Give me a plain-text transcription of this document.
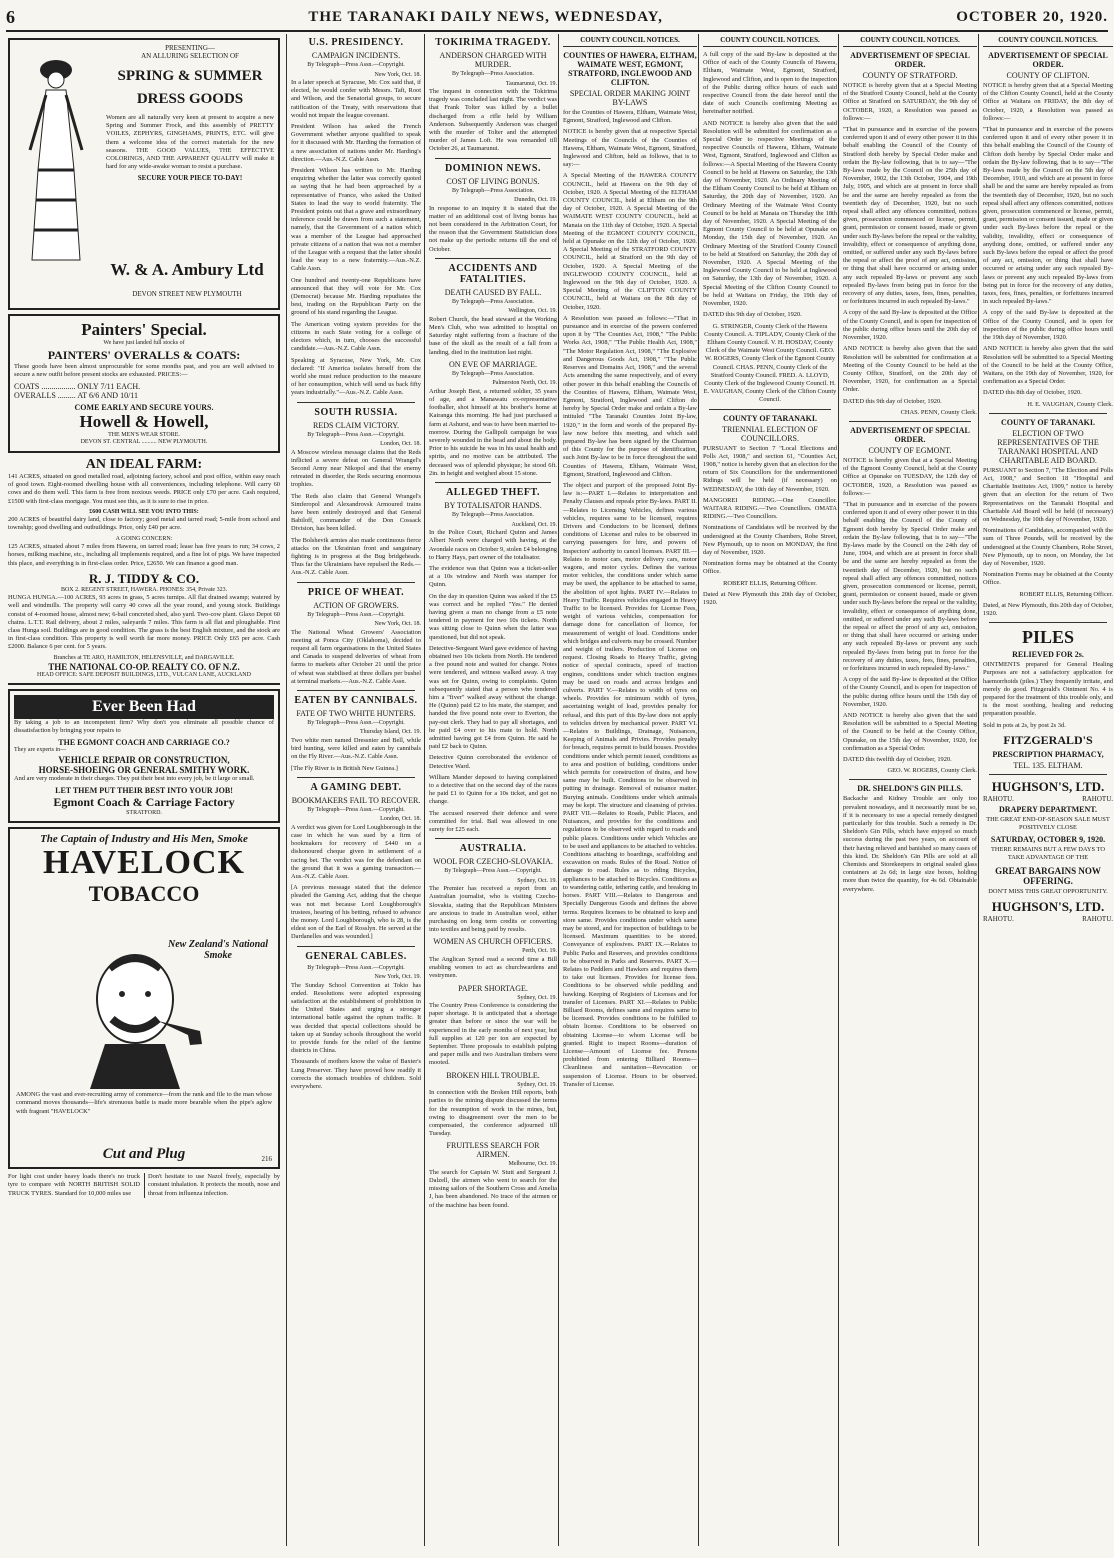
6	THE TARANAKI DAILY NEWS, WEDNESDAY,	OCTOBER 20, 1920.
PRESENTING—
AN ALLURING SELECTION OF
SPRING & SUMMER
DRESS GOODS
Women are all naturally very keen at present to acquire a new Spring and Summer Frock, and this assembly of PRETTY VOILES, ZEPHYRS, GINGHAMS, PRINTS, ETC. will give them a welcome idea of the correct materials for the new seasons. THE GOOD VALUES, THE EFFECTIVE COLORINGS, AND THE APPARENT QUALITY will make it hard for any wide-awake woman to resist a purchase.
SECURE YOUR PIECE TO-DAY!
W. & A. Ambury Ltd
DEVON STREET NEW PLYMOUTH
Painters' Special.
We have just landed full stocks of
PAINTERS' OVERALLS & COATS:
These goods have been almost unprocurable for some months past, and you are well advised to secure a new outfit before present stocks are exhausted. PRICES:—
COATS ................. ONLY 7/11 EACH.
OVERALLS ......... AT 6/6 AND 10/11
COME EARLY AND SECURE YOURS.
Howell & Howell,
THE MEN'S WEAR STORE.
DEVON ST. CENTRAL .......... NEW PLYMOUTH.
AN IDEAL FARM:
141 ACRES, situated on good metalled road, adjoining factory, school and post office, within easy reach of good town. Eight-roomed dwelling house with all conveniences, including telephone. Will carry 60 cows and do them well. This farm is free from noxious weeds. PRICE only £70 per acre. Cash required, £1500 with first-class mortgage. You must see this, as it is sure to rise in price.
£600 CASH WILL SEE YOU INTO THIS:
200 ACRES of beautiful dairy land, close to factory; good metal and tarred road; 5-mile from school and township; good dwelling and outbuildings. Price, only £40 per acre.
A GOING CONCERN:
125 ACRES, situated about 7 miles from Hawera, on tarred road; lease has five years to run; 34 cows, 2 horses, milking machine, etc., including all implements required, and a fine lot of pigs. We have inspected this place, and everything is in first-class order. Price, £2650. We can finance a good man.
R. J. TIDDY & CO.
BOX 2. REGENT STREET, HAWERA. PHONES: 354, Private 323.
HUNGA HUNGA.—100 ACRES, 93 acres in grass, 5 acres turnips. All flat drained swamp; watered by well and windmills. The property will carry 40 cows all the year round, and young stock. Buildings consist of 4-roomed house, almost new; 6-bail concreted shed, also yard. Two-cow plant. Glaxo Depot 60 chains. L.T.T. Rail delivery, about 2 miles, saleyards 7 miles. This farm is all flat and ploughable. First class Hunga soil. Buildings are in good condition. The grass is the best English mixture, and the stock are in first-class condition. This property is well worth far more money. PRICE Only £65 per acre. Cash £2000. Balance 6 per cent. for 5 years.
Branches at TE ARO, HAMILTON, HELENSVILLE, and DARGAVILLE.
THE NATIONAL CO-OP. REALTY CO. OF N.Z.
HEAD OFFICE: SAFE DEPOSIT BUILDINGS, LTD., VULCAN LANE, AUCKLAND
Ever Been Had
By taking a job to an incompetent firm? Why don't you eliminate all possible chance of dissatisfaction by bringing your repairs to
THE EGMONT COACH AND CARRIAGE CO.?
They are experts in—
VEHICLE REPAIR OR CONSTRUCTION,
HORSE-SHOEING OR GENERAL SMITHY WORK.
And are very moderate in their charges. They put their best into every job, be it large or small.
LET THEM PUT THEIR BEST INTO YOUR JOB!
Egmont Coach & Carriage Factory
STRATFORD.
The Captain of Industry and His Men, Smoke
HAVELOCK
TOBACCO
New Zealand's National Smoke
AMONG the vast and ever-recruiting army of commerce—from the rank and file to the man whose command moves thousands—life's strenuous battle is made more bearable when the pipe's aglow with fragrant "HAVELOCK"
Cut and Plug	216
For light cost under heavy loads there's no truck tyre to compare with NORTH BRITISH SOLID TRUCK TYRES. Standard for 10,000 miles use
Don't hesitate to use Nazol freely, especially by constant inhalation. It protects the mouth, nose and throat from influenza infection.
U.S. PRESIDENCY.
CAMPAIGN INCIDENTS.
By Telegraph—Press Assn.—Copyright.
New York, Oct. 18.
In a later speech at Syracuse, Mr. Cox said that, if elected, he would confer with Messrs. Taft, Root and Wilson, and the Senatorial groups, to secure ratification of the Treaty, with reservations that would not impair the league covenant.
President Wilson has asked the French Government whether anyone qualified to speak for it discussed with Mr. Harding the formation of a new association of nations under Mr. Harding's direction.—Aus.-N.Z. Cable Assn.
President Wilson has written to Mr. Harding enquiring whether the latter was correctly quoted as saying that he had been approached by a representative of France, who asked the United States to lead the way to world fraternity. The President points out that a grave and extraordinary inference could be drawn from such a statement, namely, that the Government of a nation which was a member of the League had approached private citizens of a nation that was not a member of the League with a request that the latter should lead the way to a new fraternity.—Aus.-N.Z. Cable Assn.
One hundred and twenty-one Republicans have announced that they will vote for Mr. Cox (Democrat) because Mr. Harding repudiates the best, trading on the Republican Party on the ground of his stand regarding the League.
The American voting system provides for the citizens in each State voting for a college of electors which, in turn, chooses the successful candidate.—Aus.-N.Z. Cable Assn.
Speaking at Syracuse, New York, Mr. Cox declared: "If America isolates herself from the world she must reduce production to the measure of her consumption, which will send us back fifty years industrially."—Aus.-N.Z. Cable Assn.
SOUTH RUSSIA.
REDS CLAIM VICTORY.
By Telegraph—Press Assn.—Copyright.
London, Oct. 18.
A Moscow wireless message claims that the Reds inflicted a severe defeat on General Wrangel's Second Army near Nikopol and that the enemy retreated in disorder, the Reds securing enormous trophies.
The Reds also claim that General Wrangel's Simferopol and Alexandrovsk Armoured trains have been entirely destroyed and that General Babiloff, commander of the Don Cossack Division, has been killed.
The Bolshevik armies also made continuous fierce attacks on the Ukrainian front and sanguinary fighting is in progress at the Bug bridgeheads. Thus far the Ukrainians have repulsed the Reds.—Aus.-N.Z. Cable Assn.
PRICE OF WHEAT.
ACTION OF GROWERS.
By Telegraph—Press Assn.—Copyright.
New York, Oct. 18.
The National Wheat Growers' Association meeting at Ponca City (Oklahoma), decided to request all farm organisations in the United States and Canada to suspend deliveries of wheat from farms to markets after October 21 until the price of wheat was stabilised at three dollars per bushel at terminal markets.—Aus.-N.Z. Cable Assn.
EATEN BY CANNIBALS.
FATE OF TWO WHITE HUNTERS.
By Telegraph—Press Assn.—Copyright.
Thursday Island, Oct. 19.
Two white men named Dressnier and Bell, while bird hunting, were killed and eaten by cannibals on the Fly River.—Aus.-N.Z. Cable Assn.
[The Fly River is in British New Guinea.]
A GAMING DEBT.
BOOKMAKERS FAIL TO RECOVER.
By Telegraph—Press Assn.—Copyright.
London, Oct. 18.
A verdict was given for Lord Loughborough in the case in which he was sued by a firm of bookmakers for recovery of £440 on a dishonoured cheque given in settlement of a racing bet. The verdict was for the defendant on the ground that it was a gaming transaction.—Aus.-N.Z. Cable Assn.
[A previous message stated that the defence pleaded the Gaming Act, adding that the cheque was not met because Lord Loughborough's trustees, hearing of his betting, refused to advance the money. Lord Loughborough, who is 28, is the eldest son of the Earl of Rosslyn. He served at the Dardanelles and was wounded.]
GENERAL CABLES.
By Telegraph—Press Assn.—Copyright.
New York, Oct. 19.
The Sunday School Convention at Tokio has ended. Resolutions were adopted expressing satisfaction at the establishment of prohibition in the United States and urging a stronger international battle against the opium traffic. It was decided that special collections should be taken up at Sunday schools throughout the world to provide funds for the relief of the famine districts in China.
Thousands of mothers know the value of Baxter's Lung Preserver. They have proved how readily it corrects the stomach troubles of children. Sold everywhere.
TOKIRIMA TRAGEDY.
ANDERSON CHARGED WITH MURDER.
By Telegraph—Press Association.
Taumarunui, Oct. 19.
The inquest in connection with the Tokirima tragedy was concluded last night. The verdict was that Frank Tolter was killed by a bullet discharged from a rifle held by William Anderson. Subsequently Anderson was charged with the murder of Tolter and the attempted murder of James Loft. He was remanded till October 26, at Taumarunui.
DOMINION NEWS.
COST OF LIVING BONUS.
By Telegraph—Press Association.
Dunedin, Oct. 19.
In response to an inquiry it is stated that the matter of an additional cost of living bonus has not been considered in the Arbitration Court, for the reason that the Government Statistician does not make up the periodic returns till the end of October.
ACCIDENTS AND FATALITIES.
DEATH CAUSED BY FALL.
By Telegraph—Press Association.
Wellington, Oct. 19.
Robert Church, the head steward at the Working Men's Club, who was admitted to hospital on Saturday night suffering from a fracture of the base of the skull as the result of a fall from a landing, died in the institution last night.
ON EVE OF MARRIAGE.
By Telegraph—Press Association.
Palmerston North, Oct. 19.
Arthur Joseph Best, a returned soldier, 35 years of age, and a Manawatu ex-representative footballer, shot himself at his brother's home at Kairanga this morning. He had just purchased a farm at Ashurst, and was to have been married to-morrow. During the Gallipoli campaign he was severely wounded in the head and about the body. Prior to his suicide he was in his usual health and spirits, and no motive can be attributed. The deceased was of splendid physique; he stood 6ft. 2in. in height and weighed about 15 stone.
ALLEGED THEFT.
BY TOTALISATOR HANDS.
By Telegraph—Press Association.
Auckland, Oct. 19.
In the Police Court, Richard Quinn and James Albert North were charged with having, at the Avondale races on October 9, stolen £4 belonging to Harry Hays, part owner of the totalisator.
The evidence was that Quinn was a ticket-seller at a 10s window and North was stamper for Quinn.
On the day in question Quinn was asked if the £5 was correct and he replied "Yes." He denied having given a man no change from a £5 note tendered in payment for two 10s tickets. North was sitting close to Quinn when the latter was questioned, but did not speak.
Detective-Sergeant Ward gave evidence of having obtained two 10s tickets from North. He tendered a five pound note and waited for change. Notes were tendered, and witness walked away. A tray was set for Quinn, owing to complaints. Quinn subsequently stated that a person who tendered him a "fiver" walked away without the change. He (Quinn) paid £2 to his mate, the stamper, and handed the five pound note over to Everton, the pay-out clerk. They had to pay all shortages, and he paid £4 over to his mate to hold. North admitted having got £4 from Quinn. He said he paid £2 back to Quinn.
Detective Quinn corroborated the evidence of Detective Ward.
William Mander deposed to having complained to a detective that on the second day of the races he paid £1 to Quinn for a 10s ticket, and got no change.
The accused reserved their defence and were committed for trial. Bail was allowed in one surety for £25 each.
AUSTRALIA.
WOOL FOR CZECHO-SLOVAKIA.
By Telegraph—Press Assn.—Copyright.
Sydney, Oct. 19.
The Premier has received a report from an Australian journalist, who is visiting Czecho-Slovakia, stating that the Republican Ministers are anxious to trade in Australian wool, either purchasing on long term credits or converting into textiles and being paid by results.
WOMEN AS CHURCH OFFICERS.
Perth, Oct. 19.
The Anglican Synod read a second time a Bill enabling women to act as churchwardens and vestrymen.
PAPER SHORTAGE.
Sydney, Oct. 19.
The Country Press Conference is considering the paper shortage. It is anticipated that a shortage greater than before or since the war will be experienced in the early months of next year, but full supplies at 120 per ton are expected by September. Three proposals to establish pulping and paper mills and two Australian timbers were mooted.
BROKEN HILL TROUBLE.
Sydney, Oct. 19.
In connection with the Broken Hill reports, both parties to the mining dispute discussed the terms for the resumption of work in the mines, but, owing to disagreement over the men to be compensated, the conference adjourned till Tuesday.
FRUITLESS SEARCH FOR AIRMEN.
Melbourne, Oct. 19.
The search for Captain W. Stutt and Sergeant J. Dalzell, the airmen who went to search for the missing sailors of the Southern Cross and Amelia J, has been abandoned. No trace of the airmen or of the machine has been found.
COUNTY COUNCIL NOTICES.
COUNTIES OF HAWERA, ELTHAM, WAIMATE WEST, EGMONT, STRATFORD, INGLEWOOD AND CLIFTON.
SPECIAL ORDER MAKING JOINT BY-LAWS
for the Counties of Hawera, Eltham, Waimate West, Egmont, Stratford, Inglewood and Clifton.
NOTICE is hereby given that at respective Special Meetings of the Councils of the Counties of Hawera, Eltham, Waimate West, Egmont, Stratford, Inglewood and Clifton, held as follows, that is to say:—
A Special Meeting of the HAWERA COUNTY COUNCIL, held at Hawera on the 9th day of October, 1920. A Special Meeting of the ELTHAM COUNTY COUNCIL, held at Eltham on the 9th day of October, 1920. A Special Meeting of the WAIMATE WEST COUNTY COUNCIL, held at Manaia on the 11th day of October, 1920. A Special Meeting of the EGMONT COUNTY COUNCIL, held at Opunake on the 12th day of October, 1920. A Special Meeting of the STRATFORD COUNTY COUNCIL, held at Stratford on the 9th day of October, 1920. A Special Meeting of the INGLEWOOD COUNTY COUNCIL, held at Inglewood on the 9th day of October, 1920. A Special Meeting of the CLIFTON COUNTY COUNCIL, held at Waitara on the 8th day of October, 1920.
A Resolution was passed as follows:—"That in pursuance and in exercise of the powers conferred upon it by "The Counties Act, 1908," "The Public Works Act, 1908," "The Public Health Act, 1908," "The Motor Regulation Act, 1908," "The Explosive and Dangerous Goods Act, 1908," "The Public Reserves and Domains Act, 1908," and the several Acts amending the same respectively, and of every other power in this behalf enabling the Councils of the Counties of Hawera, Eltham, Waimate West, Egmont, Stratford, Inglewood and Clifton do hereby by Special Order make and ordain a By-law intituled "The Taranaki Counties Joint By-law, 1920," in the form and words of the prepared By-law now before this meeting, and which said prepared By-law has been signed by the Chairman of this County for the purpose of identification, such Joint By-law to be in force throughout the said Counties of Hawera, Eltham, Waimate West, Egmont, Stratford, Inglewood and Clifton.
The object and purport of the proposed Joint By-law is:—PART I.—Relates to interpretation and Penalty Clauses and repeals prior By-laws. PART II.—Relates to Licensing Vehicles, defines various vehicles, requires same to be licensed, requires Drivers and Conductors to be licensed, defines conditions of License and rules to be observed in carrying passengers for hire, and powers of Inspectors' authority to cancel licenses. PART III.—Relates to motor cars, motor delivery cars, motor wagons, and motor cycles. Defines the various motor vehicles, the conditions under which same may be used, the appliance to be attached to same, the abolition of spot lights. PART IV.—Relates to Heavy Traffic. Requires vehicles engaged in Heavy Traffic to be licensed. Provides for License Fees, weight of various vehicles, compensation for damage done for cancellation of licence, for measurement of weight of load. Conditions under which bridges and culverts may be crossed. Number and weight of trailers. Production of License on request. Closing Roads to Heavy Traffic, giving notice of special contracts, speed of traction engines, conditions under which traction engines may be used on roads and across bridges and culverts. PART V.—Relates to width of tyres on wheels. Provides for minimum width of tyres, ascertaining weight of load, provides penalty for refusal, and this part of this By-law does not apply to vehicles driven by mechanical power. PART VI.—Relates to Buildings, Drainage, Nuisances, Keeping of Animals and Privies. Provides penalty for breach, requires permit to build houses. Provides conditions under which permit issued, conditions as to area and position of building, conditions under which permits for construction of drains, and how same may be built. Conditions to be observed in putting in drainage. Removal of nuisance matter. Burying animals. Conditions under which animals may be kept. The structure and cleansing of privies. PART VII.—Relates to Roads, Public Places, and Nuisances, and provides for the conditions and regulations to be observed with regard to roads and public places. Conditions under which Vehicles are to be used and appliances to be attached to vehicles. Conditions attaching to hoardings, scaffolding and excavation on roads. Rules of the Road. Notice of damage to road. Rules as to riding Bicycles, appliances to be attached to Bicycles. Conditions as to wandering cattle, tethering cattle, and breaking in horses. PART VIII.—Relates to Dangerous and Specially Dangerous Goods and defines the above terms. Requires licenses to be obtained to keep and store same. Provides conditions under which same may be stored, and for inspection of buildings to be licensed. Maximum quantities to be stored. Conveyance of explosives. PART IX.—Relates to Public Parks and Reserves, and provides conditions to be observed in Parks and Reserves. PART X.—Relates to Peddlers and Hawkers and requires them to take out licenses. Provides for license fees. Conditions to be observed while peddling and hawking. Keeping of Registers of Licenses and for transfer of Licenses. PART XI.—Relates to Public Billiard Rooms, defines same and requires same to be licensed. Provides conditions to be fulfilled to obtain license. Conditions to be observed on obtaining License—to whom License will be granted. Right to inspect Rooms—duration of License—Amount of License fee. Persons prohibited from entering Billiard Rooms—Cleanliness and sanitation—Revocation or suspension of License. Hours to be observed. Transfer of License.
COUNTY COUNCIL NOTICES.
A full copy of the said By-law is deposited at the Office of each of the County Councils of Hawera, Eltham, Waimate West, Egmont, Stratford, Inglewood and Clifton, and is open to the inspection of the Public during office hours of each said respective Council from the date hereof until the date of such Councils confirming Meeting as hereinafter notified.
AND NOTICE is hereby also given that the said Resolution will be submitted for confirmation as a Special Order to respective Meetings of the respective Councils of Hawera, Eltham, Waimate West, Egmont, Stratford, Inglewood and Clifton as follows:—A Special Meeting of the Hawera County Council to be held at Hawera on Saturday, the 13th day of November, 1920. An Ordinary Meeting of the Eltham County Council to be held at Eltham on Saturday, the 20th day of November, 1920. An Ordinary Meeting of the Waimate West County Council to be held at Manaia on Thursday the 18th day of November, 1920. A Special Meeting of the Egmont County Council to be held at Opunake on Monday, the 15th day of November, 1920. An Ordinary Meeting of the Stratford County Council to be held at Stratford on Saturday, the 20th day of November, 1920. A Special Meeting of the Inglewood County Council to be held at Inglewood on Saturday, the 13th day of November, 1920. A Special Meeting of the Clifton County Council to be held at Waitara on Friday, the 19th day of November, 1920.
DATED this 9th day of October, 1920.
G. STRINGER, County Clerk of the Hawera County Council. A. TIPLADY, County Clerk of the Eltham County Council. V. H. HOSDAY, County Clerk of the Waimate West County Council. GEO. W. ROGERS, County Clerk of the Egmont County Council. CHAS. PENN, County Clerk of the Stratford County Council. FRED. A. LLOYD, County Clerk of the Inglewood County Council. H. E. VAUGHAN, County Clerk of the Clifton County Council.
COUNTY OF TARANAKI.
TRIENNIAL ELECTION OF COUNCILLORS.
PURSUANT to Section 7 "Local Elections and Polls Act, 1908," and section 61, "Counties Act, 1908," notice is hereby given that an election for the return of Six Councillors for the undermentioned Ridings will be held (if necessary) on WEDNESDAY, the 10th day of November, 1920.
MANGOREI RIDING.—One Councillor. WAITARA RIDING.—Two Councillors. OMATA RIDING.—Two Councillors.
Nominations of Candidates will be received by the undersigned at the County Chambers, Robe Street, New Plymouth, up to noon on MONDAY, the first day of November, 1920.
Nomination forms may be obtained at the County Office.
ROBERT ELLIS, Returning Officer.
Dated at New Plymouth this 20th day of October, 1920.
COUNTY COUNCIL NOTICES.
ADVERTISEMENT OF SPECIAL ORDER.
COUNTY OF STRATFORD.
NOTICE is hereby given that at a Special Meeting of the Stratford County Council, held at the County Office at Stratford on SATURDAY, the 9th day of OCTOBER, 1920, a Resolution was passed as follows:—
"That in pursuance and in exercise of the powers conferred upon it and of every other power it in this behalf enabling the Council of the County of Stratford doth hereby by Special Order make and ordain the By-law following, that is to say—"The By-laws made by the Council on the 25th day of November, 1902, the 13th October, 1904, and 19th July, 1905, and which are at present in force shall be and the same are hereby repealed as from the twentieth day of December, 1920, but no such repeal shall affect any offences committed, notices given, prosecution commenced or license, permit, grant, permission or consent issued, made or given under such By-laws before the repeal or the validity, invalidity, effect or consequence of anything done, omitted, or suffered under any such By-laws before the repeal or affect the proof of any act, omission, or thing that shall have occurred or arising under any such repealed By-laws or prevent any such repealed By-laws from being put in force for the recovery of any duties, taxes, fees, fines, penalties, or forfeitures incurred in such repealed By-laws."
A copy of the said By-law is deposited at the Office of the County Council, and is open for inspection of the public during office hours until the 20th day of November, 1920.
AND NOTICE is hereby also given that the said Resolution will be submitted for confirmation at a Meeting of the County Council to be held at the County Office, Stratford, on the 20th day of November, 1920, for confirmation as a Special Order.
DATED this 9th day of October, 1920.
CHAS. PENN, County Clerk.
ADVERTISEMENT OF SPECIAL ORDER.
COUNTY OF EGMONT.
NOTICE is hereby given that at a Special Meeting of the Egmont County Council, held at the County Office at Opunake on TUESDAY, the 12th day of OCTOBER, 1920, a Resolution was passed as follows:—
"That in pursuance and in exercise of the powers conferred upon it and of every other power it in this behalf enabling the Council of the County of Egmont doth hereby by Special Order make and ordain the By-law following, that is to say—"The By-laws made by the Council on the 24th day of June, 1904, and which are at present in force shall be and the same are hereby repealed as from the twentieth day of December, 1920, but no such repeal shall affect any offences committed, notices given, prosecution commenced or license, permit, grant, permission or consent issued, made or given under such By-laws before the repeal or the validity, invalidity, effect or consequence of anything done, omitted, or suffered under any such By-laws before the repeal or affect the proof of any act, omission, or thing that shall have occurred or arising under any such repealed By-laws or prevent any such repealed By-laws from being put in force for the recovery of any duties, taxes, fees, fines, penalties, or forfeitures incurred in such repealed By-laws."
A copy of the said By-law is deposited at the Office of the County Council, and is open for inspection of the public during office hours until the 15th day of November, 1920.
AND NOTICE is hereby also given that the said Resolution will be submitted to a Special Meeting of the Council to be held at the County Office, Opunake, on the 15th day of November, 1920, for confirmation as a Special Order.
DATED this twelfth day of October, 1920.
GEO. W. ROGERS, County Clerk.
DR. SHELDON'S GIN PILLS.
Backache and Kidney Trouble are only too prevalent nowadays, and it necessarily must be so, if it is necessary to use a special remedy designed particularly for this trouble. Such a remedy is Dr. Sheldon's Gin Pills, which have enjoyed so much success during the past two years, on account of their having relieved and banished so many cases of this kind. Dr. Sheldon's Gin Pills are sold at all Chemists and Storekeepers in original sealed glass containers at 2s 6d; in large size boxes, holding more than twice the quantity, for 4s 6d. Obtainable everywhere.
COUNTY COUNCIL NOTICES.
ADVERTISEMENT OF SPECIAL ORDER.
COUNTY OF CLIFTON.
NOTICE is hereby given that at a Special Meeting of the Clifton County Council, held at the County Office at Waitara on FRIDAY, the 8th day of October, 1920, a Resolution was passed as follows:—
"That in pursuance and in exercise of the powers conferred upon it and of every other power it in this behalf enabling the Council of the County of Clifton doth hereby by Special Order make and ordain the By-law following, that is to say—"The By-laws made by the Council on the 5th day of December, 1910, and which are at present in force shall be and the same are hereby repealed as from the twentieth day of December, 1920, but no such repeal shall affect any offences committed, notices given, prosecution commenced or license, permit, grant, permission or consent issued, made or given under such By-laws before the repeal or the validity, invalidity, effect or consequence of anything done, omitted, or suffered under any such By-laws before the repeal or affect the proof of any act, omission, or thing that shall have occurred or arising under any such repealed By-laws or prevent any such repealed By-laws from being put in force for the recovery of any duties, taxes, fees, fines, penalties, or forfeitures incurred in such repealed By-laws."
A copy of the said By-law is deposited at the Office of the County Council, and is open for inspection of the public during office hours until the 19th day of November, 1920.
AND NOTICE is hereby also given that the said Resolution will be submitted to a Special Meeting of the Council to be held at the County Office, Waitara, on the 19th day of November, 1920, for confirmation as a Special Order.
DATED this 8th day of October, 1920.
H. E. VAUGHAN, County Clerk.
COUNTY OF TARANAKI.
ELECTION OF TWO REPRESENTATIVES OF THE TARANAKI HOSPITAL AND CHARITABLE AID BOARD.
PURSUANT to Section 7, "The Election and Polls Act, 1908," and Section 18 "Hospital and Charitable Institutes Act, 1909," notice is hereby given that an election for the return of Two Representatives on the Taranaki Hospital and Charitable Aid Board will be held (if necessary) on Wednesday, the 10th day of November, 1920.
Nominations of Candidates, accompanied with the sum of Three Pounds, will be received by the undersigned at the County Chambers, Robe Street, New Plymouth, up to noon, on Monday, the 1st day of November, 1920.
Nomination Forms may be obtained at the County Office.
ROBERT ELLIS, Returning Officer.
Dated, at New Plymouth, this 20th day of October, 1920.
PILES
RELIEVED FOR 2s.
OINTMENTS prepared for General Healing Purposes are not a satisfactory application for haemorrhoids (piles.) They frequently irritate, and merely do good. Fitzgerald's Ointment No. 4 is prepared for the treatment of this trouble only, and is the most soothing, healing and reducing preparation possible.
Sold in pots at 2s, by post 2s 3d.
FITZGERALD'S
PRESCRIPTION PHARMACY,
TEL. 135. ELTHAM.
HUGHSON'S, LTD.
RAHOTU.	RAHOTU.
DRAPERY DEPARTMENT.
THE GREAT END-OF-SEASON SALE MUST POSITIVELY CLOSE
SATURDAY, OCTOBER 9, 1920.
THERE REMAINS BUT A FEW DAYS TO TAKE ADVANTAGE OF THE
GREAT BARGAINS NOW OFFERING.
DON'T MISS THIS GREAT OPPORTUNITY.
HUGHSON'S, LTD.
RAHOTU.	RAHOTU.
